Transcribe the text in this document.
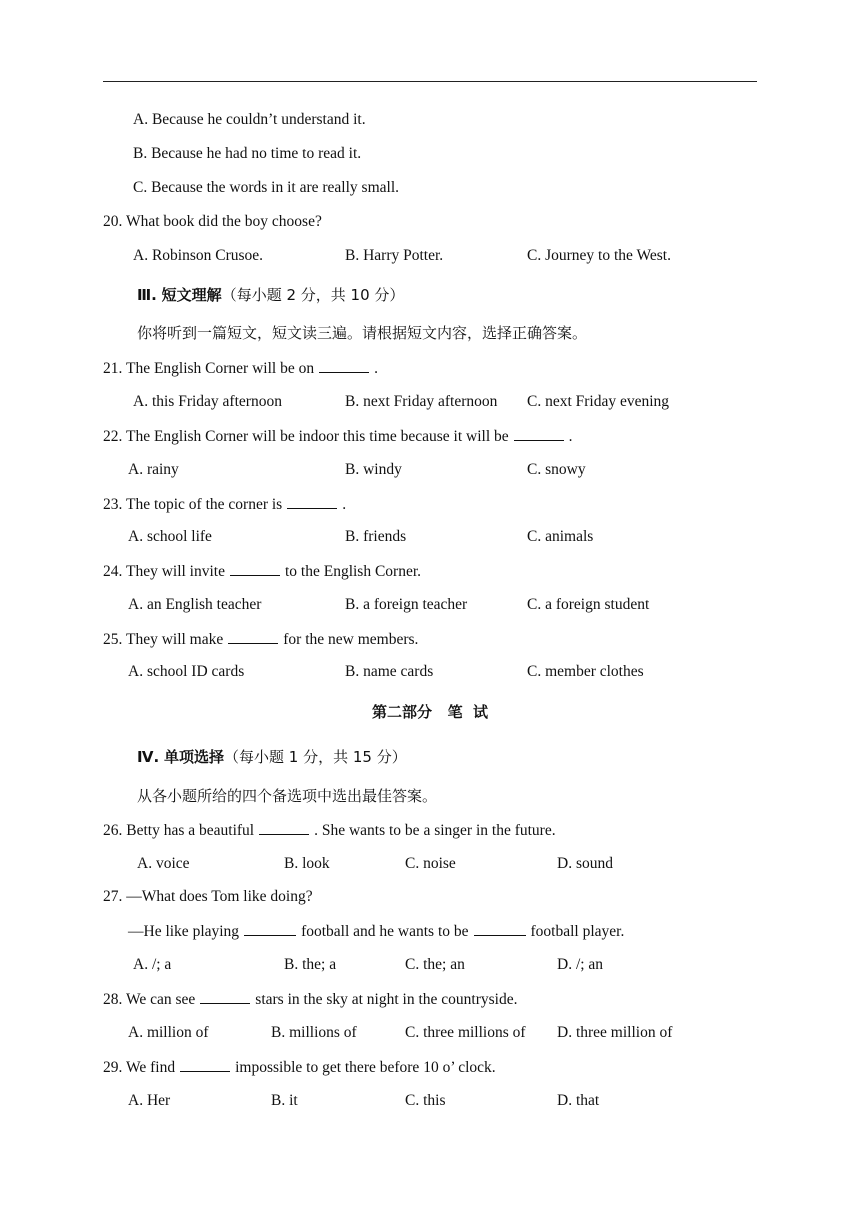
A. Because he couldn’t understand it.
B. Because he had no time to read it.
C. Because the words in it are really small.
20. What book did the boy choose?
A. Robinson Crusoe.	B. Harry Potter.	C. Journey to the West.
Ⅲ. 短文理解（每小题 2 分，共 10 分）
你将听到一篇短文，短文读三遍。请根据短文内容，选择正确答案。
21. The English Corner will be on	.
A. this Friday afternoon	B. next Friday afternoon C. next Friday evening
22. The English Corner will be indoor this time because it will be	.
A. rainy	B. windy	C. snowy
23. The topic of the corner is	.
A. school life	B. friends	C. animals
24. They will invite	to the English Corner.
A. an English teacher	B. a foreign teacher	C. a foreign student
25. They will make	for the new members.
A. school ID cards	B. name cards	C. member clothes
第二部分   笔  试
Ⅳ. 单项选择（每小题 1 分，共 15 分）
从各小题所给的四个备选项中选出最佳答案。
26. Betty has a beautiful	. She wants to be a singer in the future.
A. voice	B. look	C. noise	D. sound
27. —What does Tom like doing?
—He like playing	football and he wants to be	football player.
A. /; a	B. the; a	C. the; an	D. /; an
28. We can see	stars in the sky at night in the countryside.
A. million of	B. millions of	C. three millions of D. three million of
29. We find	impossible to get there before 10 o’ clock.
A. Her	B. it	C. this	D. that
